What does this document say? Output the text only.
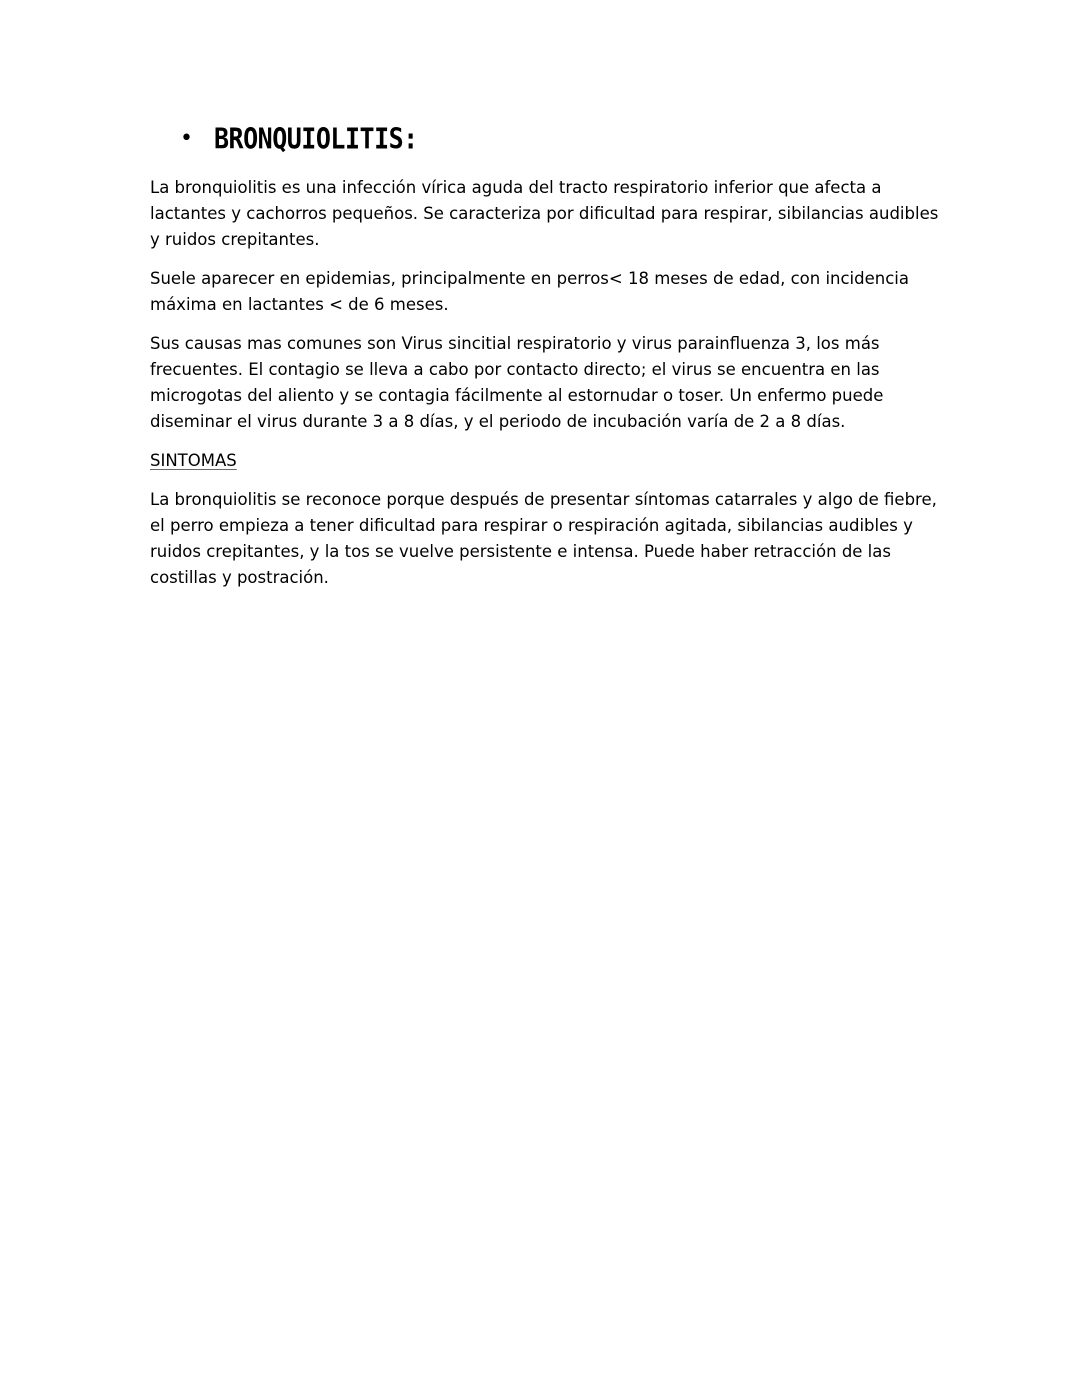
• BRONQUIOLITIS:

La bronquiolitis es una infección vírica aguda del tracto respiratorio inferior que afecta a lactantes y cachorros pequeños. Se caracteriza por dificultad para respirar, sibilancias audibles y ruidos crepitantes.

Suele aparecer en epidemias, principalmente en perros< 18 meses de edad, con incidencia máxima en lactantes < de 6 meses.

Sus causas mas comunes son Virus sincitial respiratorio y virus parainfluenza 3, los más frecuentes. El contagio se lleva a cabo por contacto directo; el virus se encuentra en las microgotas del aliento y se contagia fácilmente al estornudar o toser. Un enfermo puede diseminar el virus durante 3 a 8 días, y el periodo de incubación varía de 2 a 8 días.

SINTOMAS

La bronquiolitis se reconoce porque después de presentar síntomas catarrales y algo de fiebre, el perro empieza a tener dificultad para respirar o respiración agitada, sibilancias audibles y ruidos crepitantes, y la tos se vuelve persistente e intensa. Puede haber retracción de las costillas y postración.
